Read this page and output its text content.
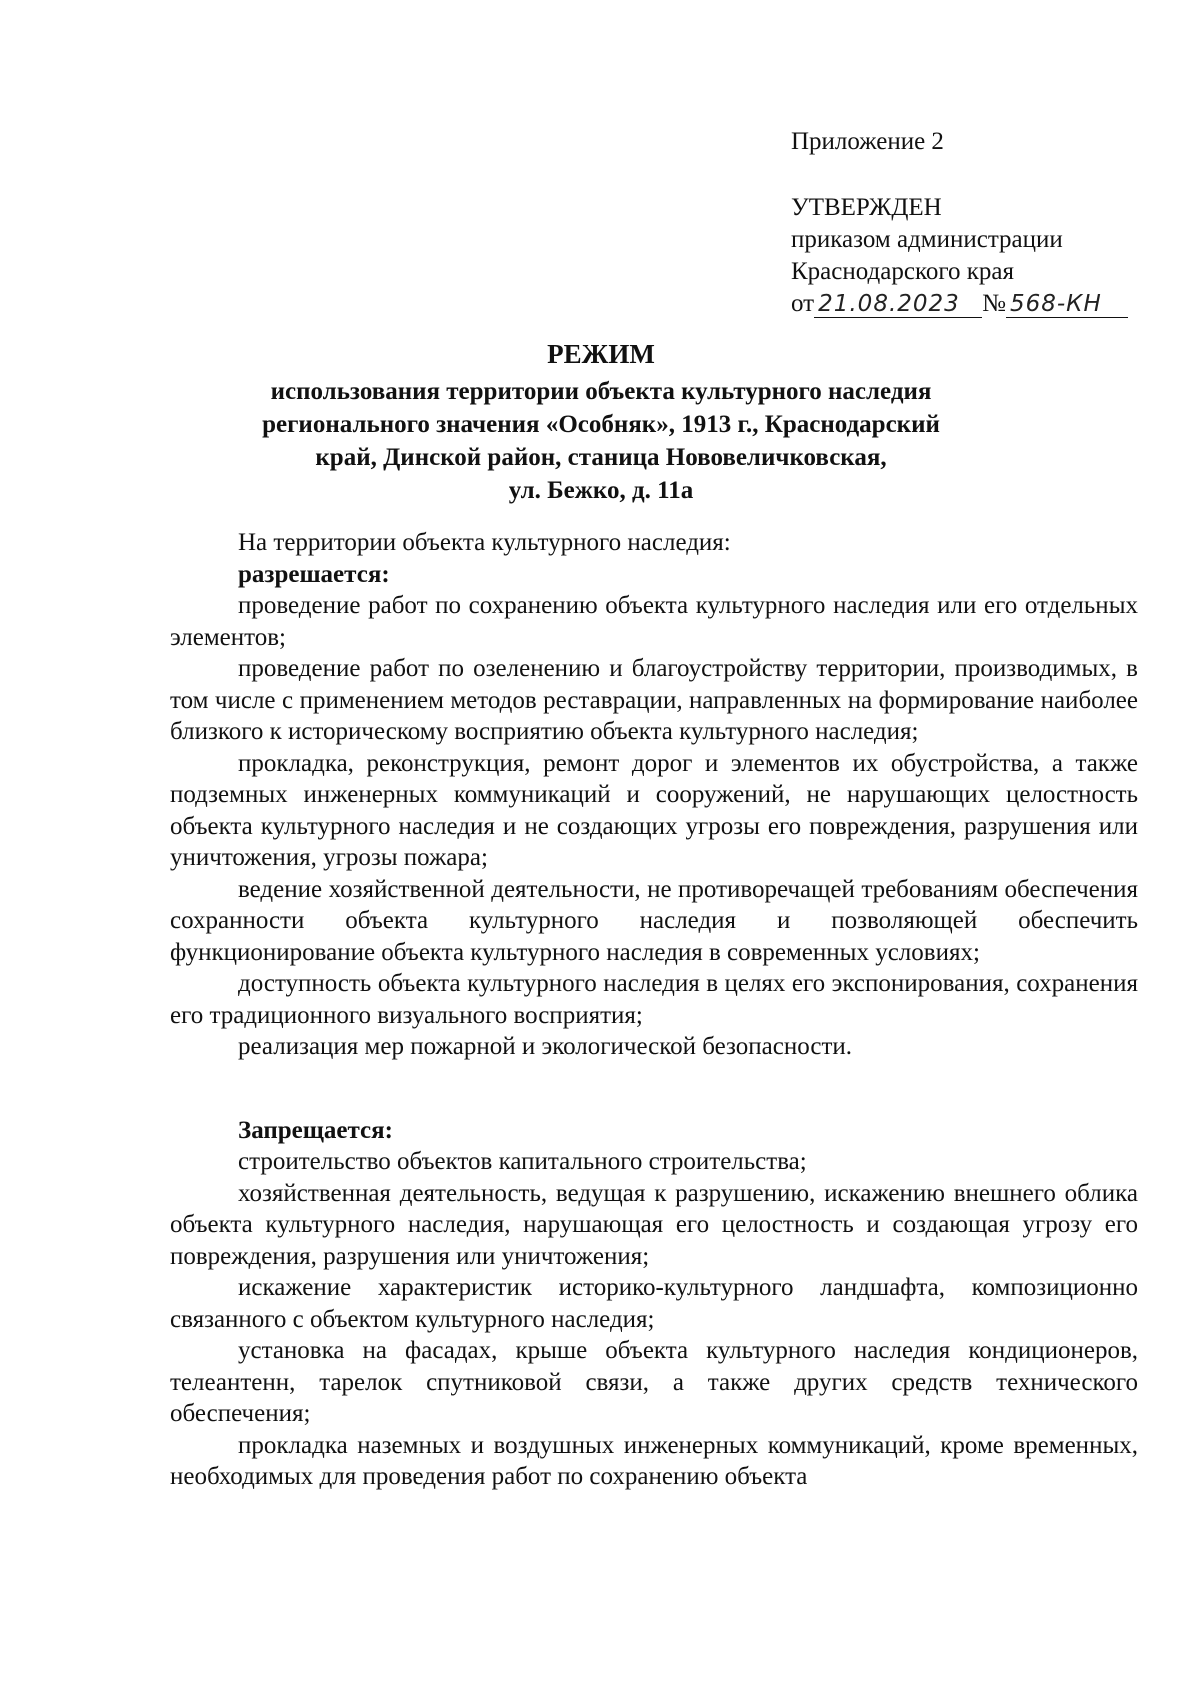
Приложение 2
УТВЕРЖДЕН
приказом администрации
Краснодарского края
от 21.08.2023 № 568-КН
РЕЖИМ
использования территории объекта культурного наследия
регионального значения «Особняк», 1913 г., Краснодарский
край, Динской район, станица Нововеличковская,
ул. Бежко, д. 11а

На территории объекта культурного наследия:

разрешается:

проведение работ по сохранению объекта культурного наследия или его отдельных элементов;

проведение работ по озеленению и благоустройству территории, производимых, в том числе с применением методов реставрации, направленных на формирование наиболее близкого к историческому восприятию объекта культурного наследия;

прокладка, реконструкция, ремонт дорог и элементов их обустройства, а также подземных инженерных коммуникаций и сооружений, не нарушающих целостность объекта культурного наследия и не создающих угрозы его повреждения, разрушения или уничтожения, угрозы пожара;

ведение хозяйственной деятельности, не противоречащей требованиям обеспечения сохранности объекта культурного наследия и позволяющей обеспечить функционирование объекта культурного наследия в современных условиях;

доступность объекта культурного наследия в целях его экспонирования, сохранения его традиционного визуального восприятия;

реализация мер пожарной и экологической безопасности.

Запрещается:

строительство объектов капитального строительства;

хозяйственная деятельность, ведущая к разрушению, искажению внешнего облика объекта культурного наследия, нарушающая его целостность и создающая угрозу его повреждения, разрушения или уничтожения;

искажение характеристик историко-культурного ландшафта, композиционно связанного с объектом культурного наследия;

установка на фасадах, крыше объекта культурного наследия кондиционеров, телеантенн, тарелок спутниковой связи, а также других средств технического обеспечения;

прокладка наземных и воздушных инженерных коммуникаций, кроме временных, необходимых для проведения работ по сохранению объекта
